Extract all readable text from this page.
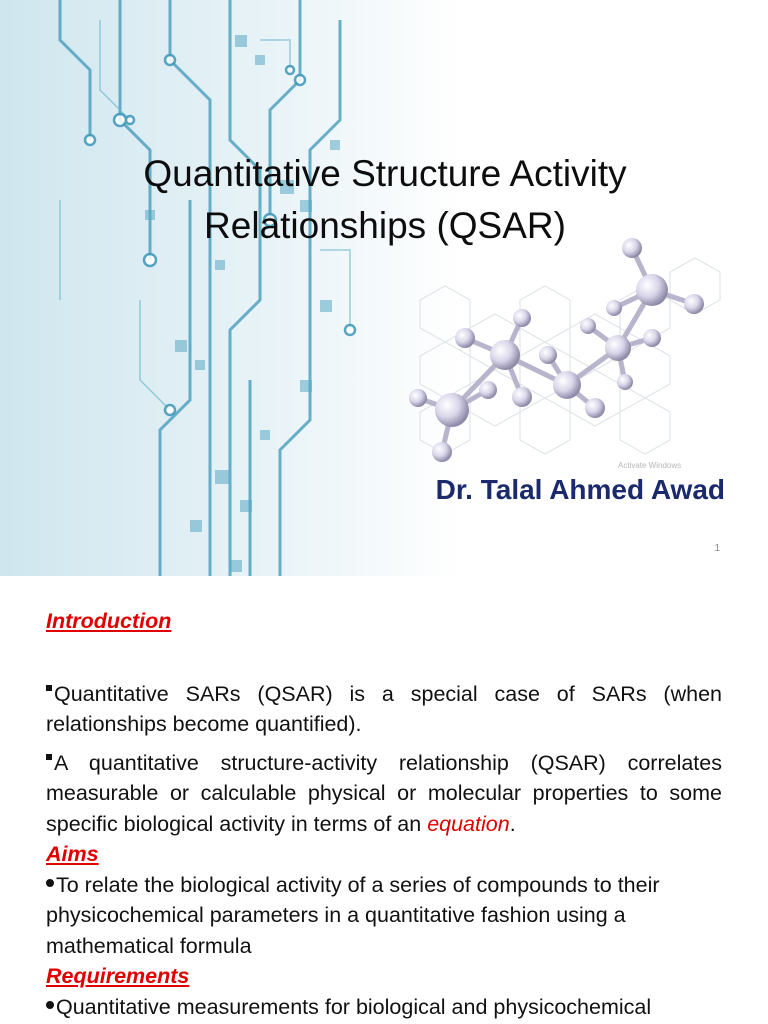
Quantitative Structure Activity Relationships (QSAR)
Activate Windows
Dr. Talal Ahmed Awad
1
Introduction

Quantitative SARs (QSAR) is a special case of SARs (when relationships become quantified).

A quantitative structure-activity relationship (QSAR) correlates measurable or calculable physical or molecular properties to some specific biological activity in terms of an equation.

Aims

To relate the biological activity of a series of compounds to their physicochemical parameters in a quantitative fashion using a mathematical formula

Requirements

Quantitative measurements for biological and physicochemical
